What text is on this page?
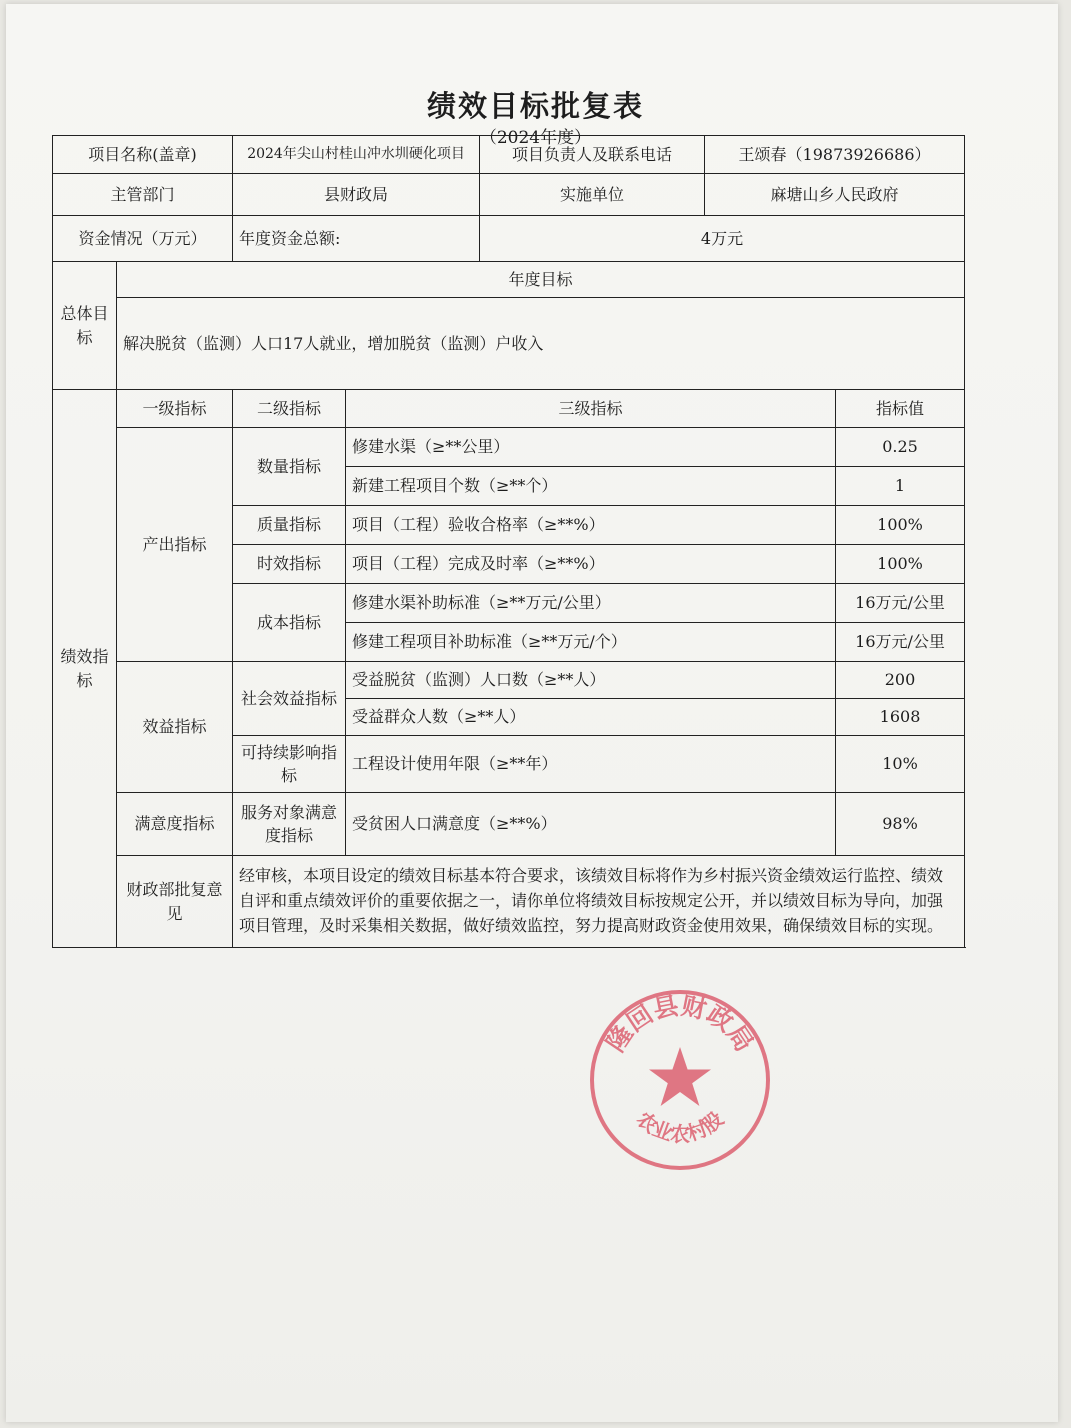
绩效目标批复表
（2024年度）
项目名称(盖章)		2024年尖山村桂山冲水圳硬化项目		项目负责人及联系电话	王颂春（19873926686）	
主管部门		县财政局		实施单位	麻塘山乡人民政府	
资金情况（万元）		年度资金总额:		4万元		
总体目标	年度目标					
	解决脱贫（监测）人口17人就业，增加脱贫（监测）户收入					
绩效指标	一级指标	二级指标	三级指标			指标值
	产出指标	数量指标	修建水渠（≥**公里）			0.25
			新建工程项目个数（≥**个）			1
		质量指标	项目（工程）验收合格率（≥**%）			100%
		时效指标	项目（工程）完成及时率（≥**%）			100%
		成本指标	修建水渠补助标准（≥**万元/公里）			16万元/公里
			修建工程项目补助标准（≥**万元/个）			16万元/公里
	效益指标	社会效益指标	受益脱贫（监测）人口数（≥**人）			200
			受益群众人数（≥**人）			1608
		可持续影响指标	工程设计使用年限（≥**年）			10%
	满意度指标	服务对象满意度指标	受贫困人口满意度（≥**%）			98%
	财政部批复意见	经审核，本项目设定的绩效目标基本符合要求，该绩效目标将作为乡村振兴资金绩效运行监控、绩效自评和重点绩效评价的重要依据之一，请你单位将绩效目标按规定公开，并以绩效目标为导向，加强项目管理，及时采集相关数据，做好绩效监控，努力提高财政资金使用效果，确保绩效目标的实现。				
隆回县财政局
农业农村股
